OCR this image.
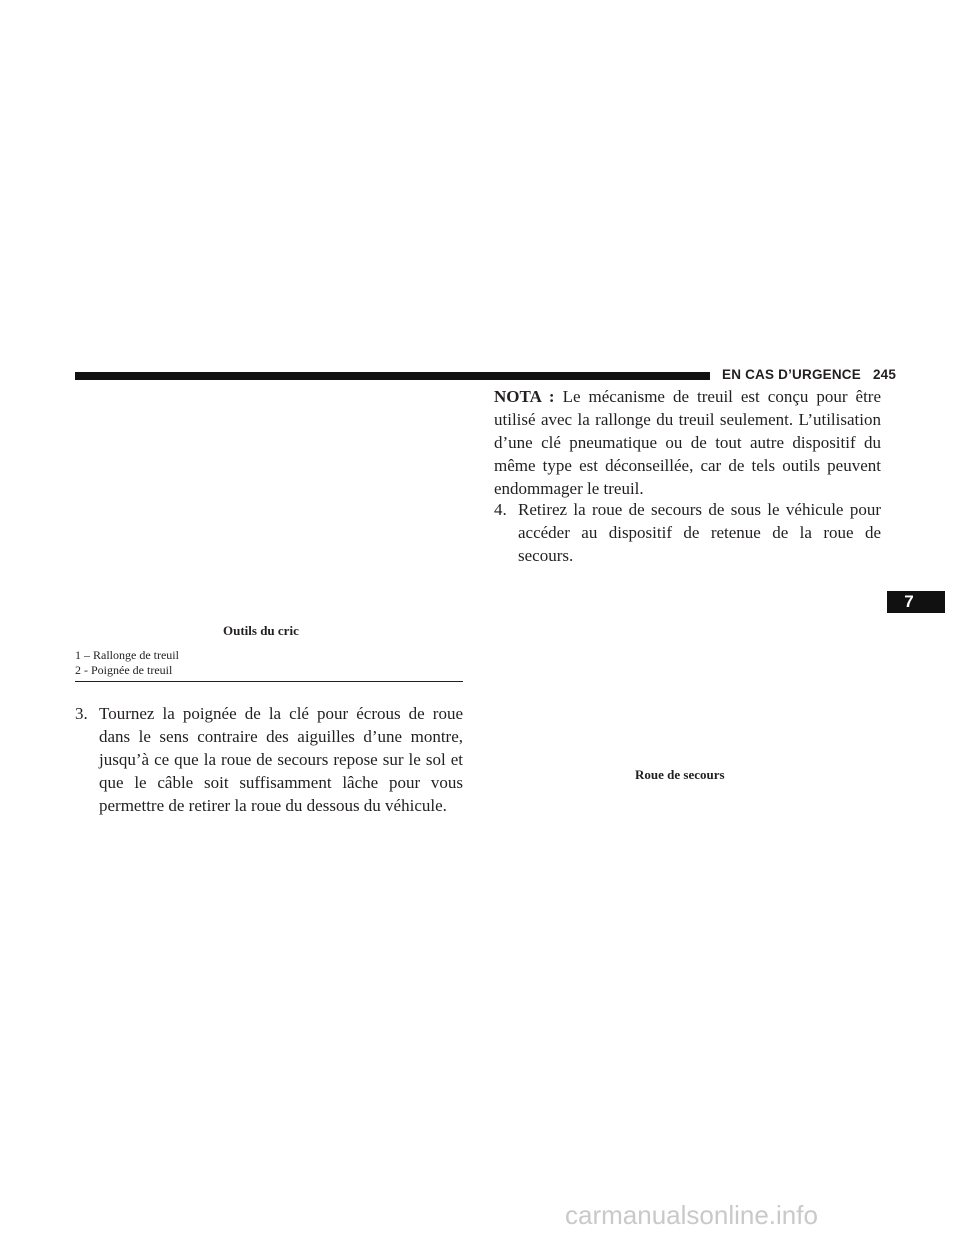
EN CAS D’URGENCE 245
Outils du cric
1 – Rallonge de treuil
2 - Poignée de treuil

3. Tournez la poignée de la clé pour écrous de roue dans le sens contraire des aiguilles d’une montre, jusqu’à ce que la roue de secours repose sur le sol et que le câble soit suffisamment lâche pour vous permettre de retirer la roue du dessous du véhicule.

NOTA : Le mécanisme de treuil est conçu pour être utilisé avec la rallonge du treuil seulement. L’utilisation d’une clé pneumatique ou de tout autre dispositif du même type est déconseillée, car de tels outils peuvent endommager le treuil.

4. Retirez la roue de secours de sous le véhicule pour accéder au dispositif de retenue de la roue de secours.

Roue de secours
7
carmanualsonline.info
